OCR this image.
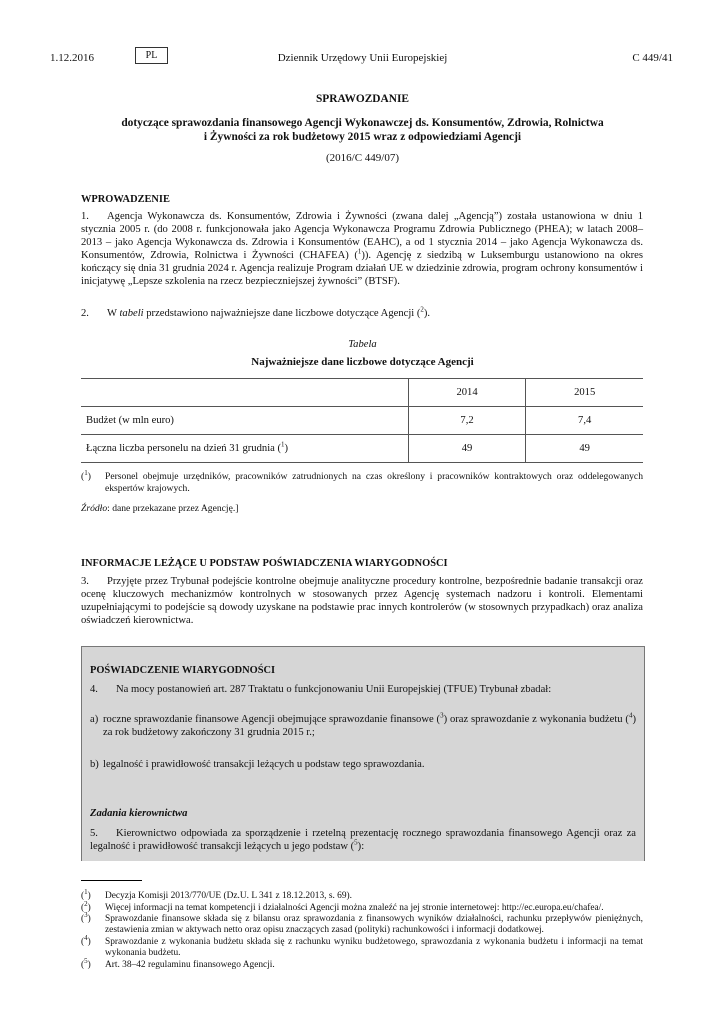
1.12.2016	PL	Dziennik Urzędowy Unii Europejskiej	C 449/41
SPRAWOZDANIE
dotyczące sprawozdania finansowego Agencji Wykonawczej ds. Konsumentów, Zdrowia, Rolnictwa
i Żywności za rok budżetowy 2015 wraz z odpowiedziami Agencji
(2016/C 449/07)
WPROWADZENIE
1. Agencja Wykonawcza ds. Konsumentów, Zdrowia i Żywności (zwana dalej „Agencją”) została ustanowiona w dniu 1 stycznia 2005 r. (do 2008 r. funkcjonowała jako Agencja Wykonawcza Programu Zdrowia Publicznego (PHEA); w latach 2008–2013 – jako Agencja Wykonawcza ds. Zdrowia i Konsumentów (EAHC), a od 1 stycznia 2014 – jako Agencja Wykonawcza ds. Konsumentów, Zdrowia, Rolnictwa i Żywności (CHAFEA) ($^1$)). Agencję z siedzibą w Luksemburgu ustanowiono na okres kończący się dnia 31 grudnia 2024 r. Agencja realizuje Program działań UE w dziedzinie zdrowia, program ochrony konsumentów i inicjatywę „Lepsze szkolenia na rzecz bezpieczniejszej żywności” (BTSF).
2. W tabeli przedstawiono najważniejsze dane liczbowe dotyczące Agencji ($^2$).
Tabela
Najważniejsze dane liczbowe dotyczące Agencji
	2014	2015
Budżet (w mln euro)	7,2	7,4
Łączna liczba personelu na dzień 31 grudnia ($^1$)	49	49
($^1$) Personel obejmuje urzędników, pracowników zatrudnionych na czas określony i pracowników kontraktowych oraz oddelegowanych ekspertów krajowych.
Źródło: dane przekazane przez Agencję.]
INFORMACJE LEŻĄCE U PODSTAW POŚWIADCZENIA WIARYGODNOŚCI
3. Przyjęte przez Trybunał podejście kontrolne obejmuje analityczne procedury kontrolne, bezpośrednie badanie transakcji oraz ocenę kluczowych mechanizmów kontrolnych w stosowanych przez Agencję systemach nadzoru i kontroli. Elementami uzupełniającymi to podejście są dowody uzyskane na podstawie prac innych kontrolerów (w stosownych przypadkach) oraz analiza oświadczeń kierownictwa.
POŚWIADCZENIE WIARYGODNOŚCI
4. Na mocy postanowień art. 287 Traktatu o funkcjonowaniu Unii Europejskiej (TFUE) Trybunał zbadał:
a) roczne sprawozdanie finansowe Agencji obejmujące sprawozdanie finansowe ($^3$) oraz sprawozdanie z wykonania budżetu ($^4$) za rok budżetowy zakończony 31 grudnia 2015 r.;
b) legalność i prawidłowość transakcji leżących u podstaw tego sprawozdania.
Zadania kierownictwa
5. Kierownictwo odpowiada za sporządzenie i rzetelną prezentację rocznego sprawozdania finansowego Agencji oraz za legalność i prawidłowość transakcji leżących u jego podstaw ($^5$):
($^1$) Decyzja Komisji 2013/770/UE (Dz.U. L 341 z 18.12.2013, s. 69).
($^2$) Więcej informacji na temat kompetencji i działalności Agencji można znaleźć na jej stronie internetowej: http://ec.europa.eu/chafea/.
($^3$) Sprawozdanie finansowe składa się z bilansu oraz sprawozdania z finansowych wyników działalności, rachunku przepływów pieniężnych, zestawienia zmian w aktywach netto oraz opisu znaczących zasad (polityki) rachunkowości i informacji dodatkowej.
($^4$) Sprawozdanie z wykonania budżetu składa się z rachunku wyniku budżetowego, sprawozdania z wykonania budżetu i informacji na temat wykonania budżetu.
($^5$) Art. 38–42 regulaminu finansowego Agencji.
